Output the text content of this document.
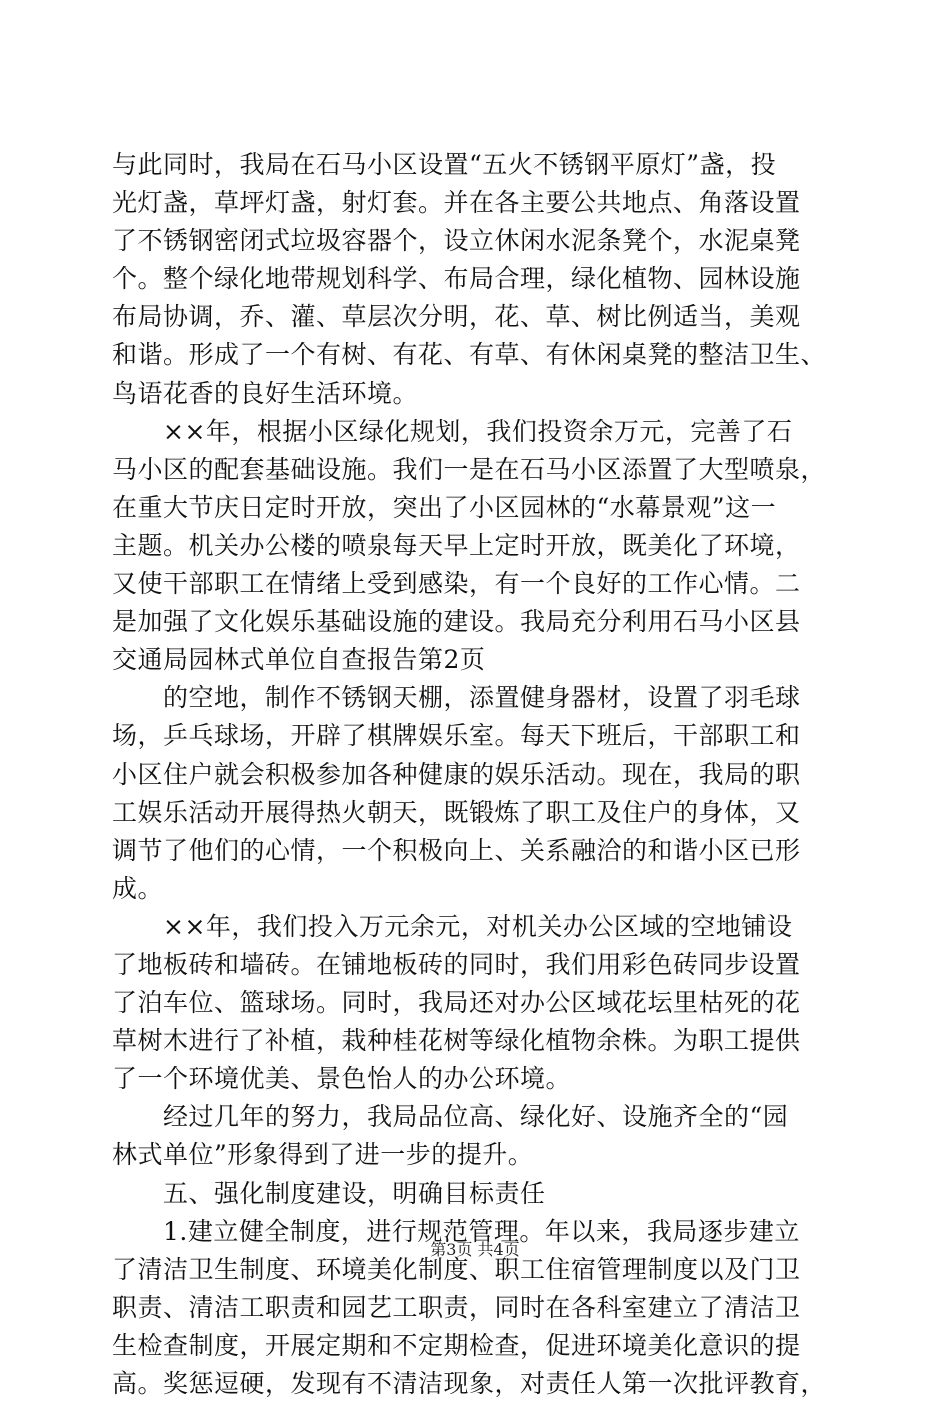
与此同时，我局在石马小区设置“五火不锈钢平原灯”盏，投
光灯盏，草坪灯盏，射灯套。并在各主要公共地点、角落设置
了不锈钢密闭式垃圾容器个，设立休闲水泥条凳个，水泥桌凳
个。整个绿化地带规划科学、布局合理，绿化植物、园林设施
布局协调，乔、灌、草层次分明，花、草、树比例适当，美观
和谐。形成了一个有树、有花、有草、有休闲桌凳的整洁卫生、
鸟语花香的良好生活环境。
　　××年，根据小区绿化规划，我们投资余万元，完善了石
马小区的配套基础设施。我们一是在石马小区添置了大型喷泉，
在重大节庆日定时开放，突出了小区园林的“水幕景观”这一
主题。机关办公楼的喷泉每天早上定时开放，既美化了环境，
又使干部职工在情绪上受到感染，有一个良好的工作心情。二
是加强了文化娱乐基础设施的建设。我局充分利用石马小区县
交通局园林式单位自查报告第2页
　　的空地，制作不锈钢天棚，添置健身器材，设置了羽毛球
场，乒乓球场，开辟了棋牌娱乐室。每天下班后，干部职工和
小区住户就会积极参加各种健康的娱乐活动。现在，我局的职
工娱乐活动开展得热火朝天，既锻炼了职工及住户的身体，又
调节了他们的心情，一个积极向上、关系融洽的和谐小区已形
成。
　　××年，我们投入万元余元，对机关办公区域的空地铺设
了地板砖和墙砖。在铺地板砖的同时，我们用彩色砖同步设置
了泊车位、篮球场。同时，我局还对办公区域花坛里枯死的花
草树木进行了补植，栽种桂花树等绿化植物余株。为职工提供
了一个环境优美、景色怡人的办公环境。
　　经过几年的努力，我局品位高、绿化好、设施齐全的“园
林式单位”形象得到了进一步的提升。
　　五、强化制度建设，明确目标责任
　　1.建立健全制度，进行规范管理。年以来，我局逐步建立
了清洁卫生制度、环境美化制度、职工住宿管理制度以及门卫
职责、清洁工职责和园艺工职责，同时在各科室建立了清洁卫
生检查制度，开展定期和不定期检查，促进环境美化意识的提
高。奖惩逗硬，发现有不清洁现象，对责任人第一次批评教育，
第3页 共4页
